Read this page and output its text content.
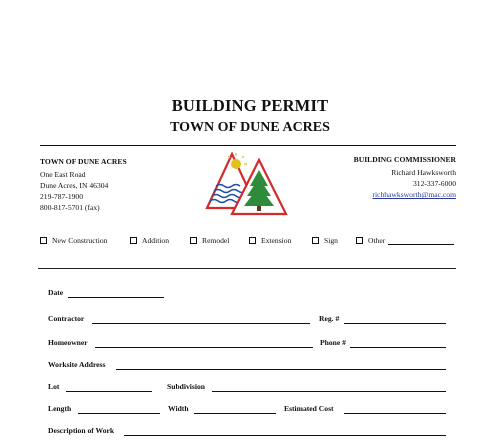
BUILDING PERMIT
TOWN OF DUNE ACRES
TOWN OF DUNE ACRES
One East Road
Dune Acres, IN 46304
219-787-1900
800-817-5701 (fax)
BUILDING COMMISSIONER
Richard Hawksworth
312-337-6000
richhawksworth@mac.com
New Construction	Addition	Remodel	Extension	Sign	Other
Date
Contractor	Reg. #
Homeowner	Phone #
Worksite Address
Lot	Subdivision
Length	Width	Estimated Cost
Description of Work
